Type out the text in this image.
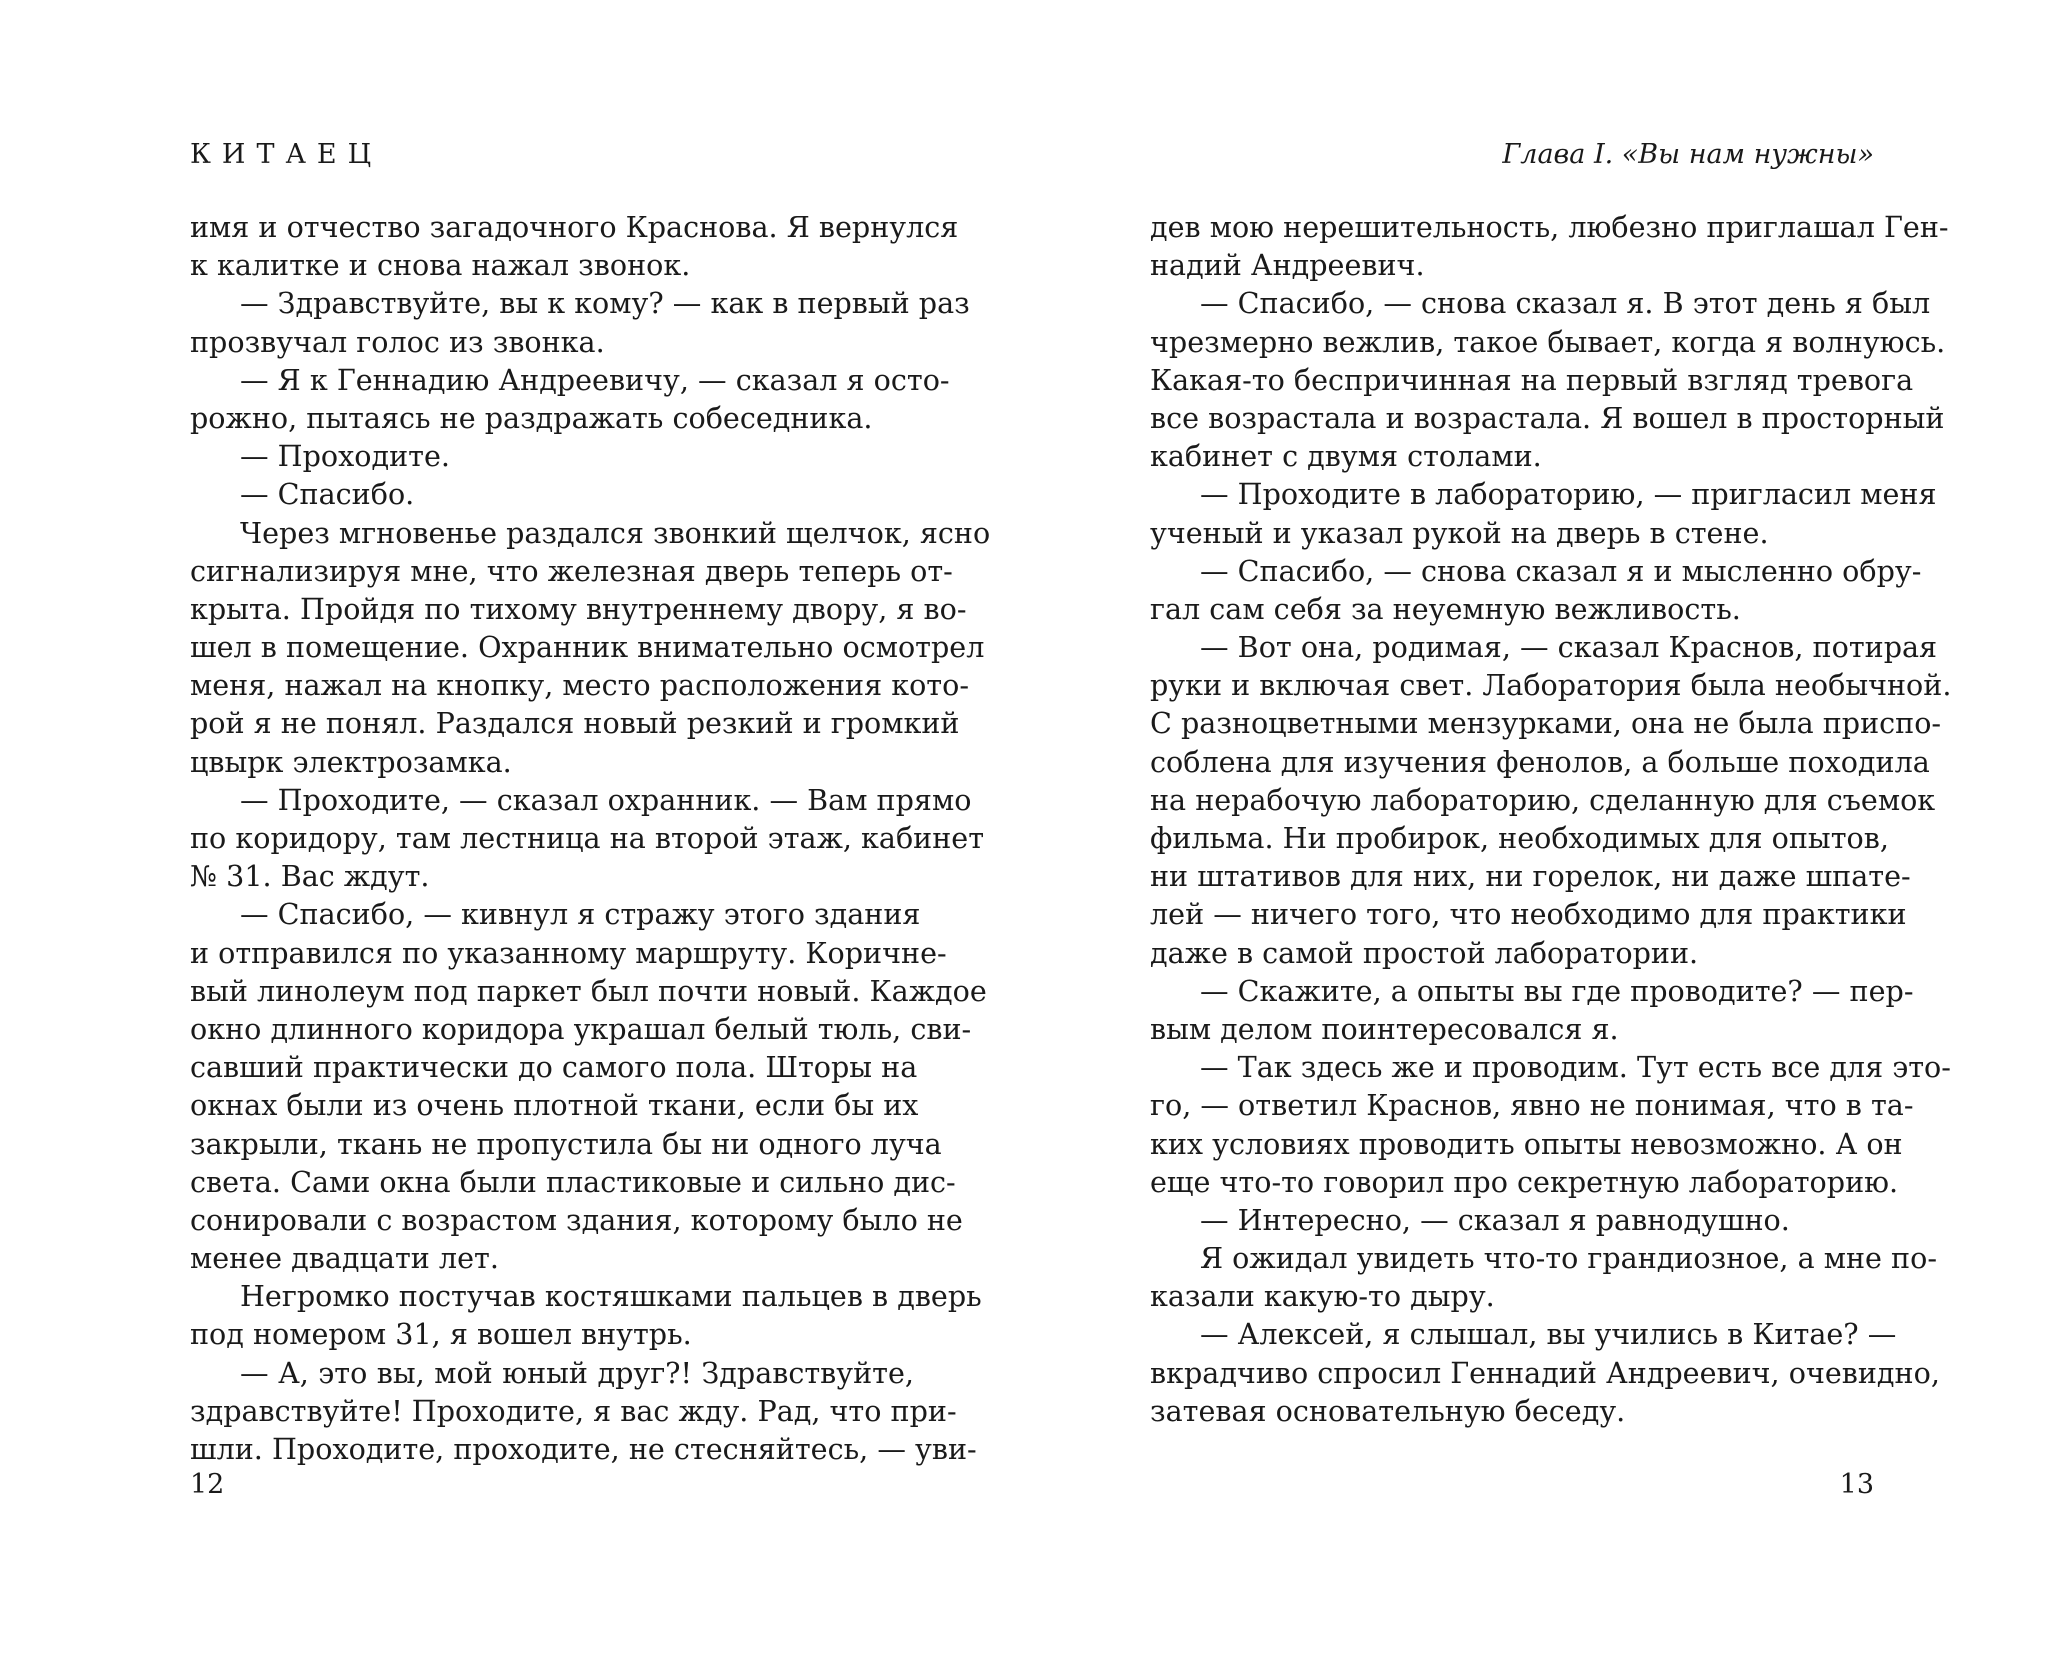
КИТАЕЦ
имя и отчество загадочного Краснова. Я вернулся
к калитке и снова нажал звонок.
— Здравствуйте, вы к кому? — как в первый раз
прозвучал голос из звонка.
— Я к Геннадию Андреевичу, — сказал я осто-
рожно, пытаясь не раздражать собеседника.
— Проходите.
— Спасибо.
Через мгновенье раздался звонкий щелчок, ясно
сигнализируя мне, что железная дверь теперь от-
крыта. Пройдя по тихому внутреннему двору, я во-
шел в помещение. Охранник внимательно осмотрел
меня, нажал на кнопку, место расположения кото-
рой я не понял. Раздался новый резкий и громкий
цвырк электрозамка.
— Проходите, — сказал охранник. — Вам прямо
по коридору, там лестница на второй этаж, кабинет
№ 31. Вас ждут.
— Спасибо, — кивнул я стражу этого здания
и отправился по указанному маршруту. Коричне-
вый линолеум под паркет был почти новый. Каждое
окно длинного коридора украшал белый тюль, сви-
савший практически до самого пола. Шторы на
окнах были из очень плотной ткани, если бы их
закрыли, ткань не пропустила бы ни одного луча
света. Сами окна были пластиковые и сильно дис-
сонировали с возрастом здания, которому было не
менее двадцати лет.
Негромко постучав костяшками пальцев в дверь
под номером 31, я вошел внутрь.
— А, это вы, мой юный друг?! Здравствуйте,
здравствуйте! Проходите, я вас жду. Рад, что при-
шли. Проходите, проходите, не стесняйтесь, — уви-
12
Глава I. «Вы нам нужны»
дев мою нерешительность, любезно приглашал Ген-
надий Андреевич.
— Спасибо, — снова сказал я. В этот день я был
чрезмерно вежлив, такое бывает, когда я волнуюсь.
Какая-то беспричинная на первый взгляд тревога
все возрастала и возрастала. Я вошел в просторный
кабинет с двумя столами.
— Проходите в лабораторию, — пригласил меня
ученый и указал рукой на дверь в стене.
— Спасибо, — снова сказал я и мысленно обру-
гал сам себя за неуемную вежливость.
— Вот она, родимая, — сказал Краснов, потирая
руки и включая свет. Лаборатория была необычной.
С разноцветными мензурками, она не была приспо-
соблена для изучения фенолов, а больше походила
на нерабочую лабораторию, сделанную для съемок
фильма. Ни пробирок, необходимых для опытов,
ни штативов для них, ни горелок, ни даже шпате-
лей — ничего того, что необходимо для практики
даже в самой простой лаборатории.
— Скажите, а опыты вы где проводите? — пер-
вым делом поинтересовался я.
— Так здесь же и проводим. Тут есть все для это-
го, — ответил Краснов, явно не понимая, что в та-
ких условиях проводить опыты невозможно. А он
еще что-то говорил про секретную лабораторию.
— Интересно, — сказал я равнодушно.
Я ожидал увидеть что-то грандиозное, а мне по-
казали какую-то дыру.
— Алексей, я слышал, вы учились в Китае? —
вкрадчиво спросил Геннадий Андреевич, очевидно,
затевая основательную беседу.
13
